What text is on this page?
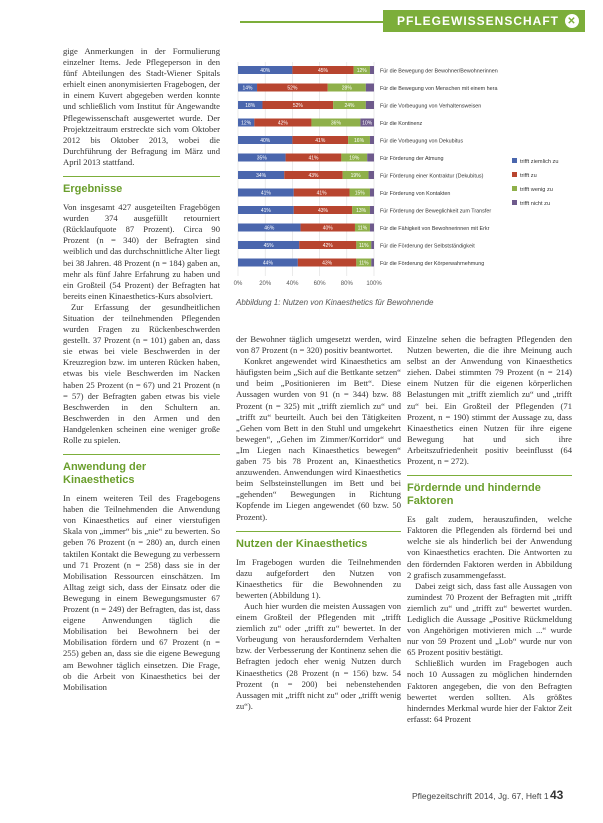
PFLEGEWISSENSCHAFT ✕

gige Anmerkungen in der Formulierung einzelner Items. Jede Pflegeperson in den fünf Abteilungen des Stadt-Wiener Spitals erhielt einen anonymisierten Fragebogen, der in einem Kuvert abgegeben werden konnte und schließlich vom Institut für Angewandte Pflegewissenschaft ausgewertet wurde. Der Projektzeitraum erstreckte sich vom Oktober 2012 bis Oktober 2013, wobei die Durchführung der Befragung im März und April 2013 stattfand.

Ergebnisse

Von insgesamt 427 ausgeteilten Fragebögen wurden 374 ausgefüllt retourniert (Rücklaufquote 87 Prozent). Circa 90 Prozent (n = 340) der Befragten sind weiblich und das durchschnittliche Alter liegt bei 38 Jahren. 48 Prozent (n = 184) gaben an, mehr als fünf Jahre Erfahrung zu haben und ein Großteil (54 Prozent) der Befragten hat bereits einen Kinaesthetics-Kurs absolviert.

Zur Erfassung der gesundheitlichen Situation der teilnehmenden Pflegenden wurden Fragen zu Rückenbeschwerden gestellt. 37 Prozent (n = 101) gaben an, dass sie etwas bei viele Beschwerden in der Kreuzregion bzw. im unteren Rücken haben, etwas bis viele Beschwerden im Nacken haben 25 Prozent (n = 67) und 21 Prozent (n = 57) der Befragten gaben etwas bis viele Beschwerden in den Schultern an. Beschwerden in den Armen und den Handgelenken scheinen eine weniger große Rolle zu spielen.

Anwendung der Kinaesthetics

In einem weiteren Teil des Fragebogens haben die Teilnehmenden die Anwendung von Kinaesthetics auf einer vierstufigen Skala von „immer“ bis „nie“ zu bewerten. So geben 76 Prozent (n = 280) an, durch einen taktilen Kontakt die Bewegung zu verbessern und 71 Prozent (n = 258) dass sie in der Mobilisation Ressourcen einschätzen. Im Alltag zeigt sich, dass der Einsatz oder die Bewegung in einem Bewegungsmuster 67 Prozent (n = 249) der Befragten, das ist, dass eigene Anwendungen täglich die Mobilisation bei Bewohnern bei der Mobilisation fördern und 67 Prozent (n = 255) geben an, dass sie die eigene Bewegung am Bewohner täglich einsetzen. Die Frage, ob die Arbeit von Kinaesthetics bei der Mobilisation

0%	20%	40%	60%	80% 100%
40%	45%	12% Für die Bewegung der Bewohner/Bewohnerinnen
14%	52%	28%	Für die Bewegung von Menschen mit einem hera
18%	52%	24%	Für die Vorbeugung von Verhaltensweisen
12%	42%	36%	10% Für die Kontinenz
40%	41%	16%	Für die Vorbeugung von Dekubitus
35%	41%	19%	Für Förderung der Atmung
34%	43%	19%	Für Förderung einer Kontraktur (Dekubitus)
41%	41%	15%	Für Förderung von Kontakten
41%	43%	13%	Für Förderung der Beweglichkeit zum Transfer
46%	40%	11% Für die Fähigkeit von Bewohnerinnen mit Erkr
45%	42%	11% Für die Förderung der Selbstständigkeit
44%	43%	11% Für die Förderung der Körperwahrnehmung
trifft ziemlich zu
trifft zu
trifft wenig zu
trifft nicht zu
Abbildung 1: Nutzen von Kinaesthetics für Bewohnende

der Bewohner täglich umgesetzt werden, wird von 87 Prozent (n = 320) positiv beantwortet.

Konkret angewendet wird Kinaesthetics am häufigsten beim „Sich auf die Bettkante setzen“ und beim „Positionieren im Bett“. Diese Aussagen wurden von 91 (n = 344) bzw. 88 Prozent (n = 325) mit „trifft ziemlich zu“ und „trifft zu“ beurteilt. Auch bei den Tätigkeiten „Gehen vom Bett in den Stuhl und umgekehrt bewegen“, „Gehen im Zimmer/Korridor“ und „Im Liegen nach Kinaesthetics bewegen“ gaben 75 bis 78 Prozent an, Kinaesthetics anzuwenden. Anwendungen wird Kinaesthetics beim Selbsteinstellungen im Bett und bei „gehenden“ Bewegungen in Richtung Kopfende im Liegen angewendet (60 bzw. 50 Prozent).

Nutzen der Kinaesthetics

Im Fragebogen wurden die Teilnehmenden dazu aufgefordert den Nutzen von Kinaesthetics für die Bewohnenden zu bewerten (Abbildung 1).

Auch hier wurden die meisten Aussagen von einem Großteil der Pflegenden mit „trifft ziemlich zu“ oder „trifft zu“ bewertet. In der Vorbeugung von herausforderndem Verhalten bzw. der Verbesserung der Kontinenz sehen die Befragten jedoch eher wenig Nutzen durch Kinaesthetics (28 Prozent (n = 156) bzw. 54 Prozent (n = 200) bei nebenstehenden Aussagen mit „trifft nicht zu“ oder „trifft wenig zu“).

Einzelne sehen die befragten Pflegenden den Nutzen bewerten, die die ihre Meinung auch selbst an der Anwendung von Kinaesthetics ziehen. Dabei stimmten 79 Prozent (n = 214) einem Nutzen für die eigenen körperlichen Belastungen mit „trifft ziemlich zu“ und „trifft zu“ bei. Ein Großteil der Pflegenden (71 Prozent, n = 190) stimmt der Aussage zu, dass Kinaesthetics einen Nutzen für ihre eigene Bewegung hat und sich ihre Arbeitszufriedenheit positiv beeinflusst (64 Prozent, n = 272).

Fördernde und hindernde Faktoren

Es galt zudem, herauszufinden, welche Faktoren die Pflegenden als fördernd bei und welche sie als hinderlich bei der Anwendung von Kinaesthetics erachten. Die Antworten zu den fördernden Faktoren werden in Abbildung 2 grafisch zusammengefasst.

Dabei zeigt sich, dass fast alle Aussagen von zumindest 70 Prozent der Befragten mit „trifft ziemlich zu“ und „trifft zu“ bewertet wurden. Lediglich die Aussage „Positive Rückmeldung von Angehörigen motivieren mich ...“ wurde nur von 59 Prozent und „Lob“ wurde nur von 65 Prozent positiv bestätigt.

Schließlich wurden im Fragebogen auch noch 10 Aussagen zu möglichen hindernden Faktoren angegeben, die von den Befragten bewertet werden sollten. Als größtes hinderndes Merkmal wurde hier der Faktor Zeit erfasst: 64 Prozent

Pflegezeitschrift 2014, Jg. 67, Heft 1 43
